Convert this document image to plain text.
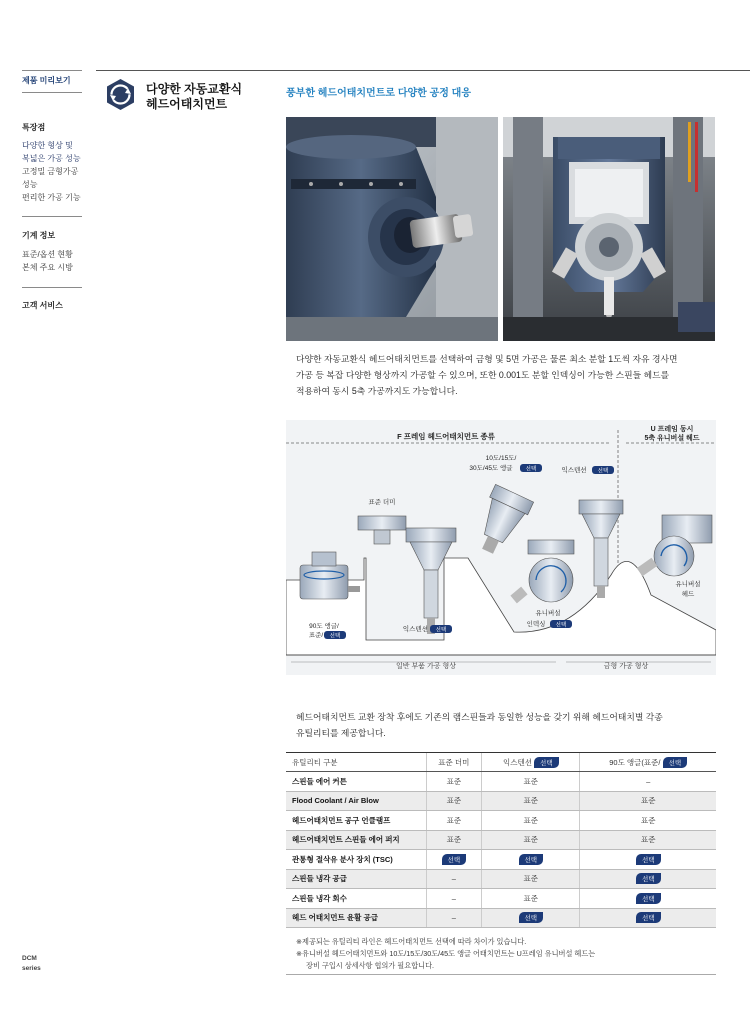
제품 미리보기
특장점
다양한 형상 및
복넓은 가공 성능
고정밀 금형가공
성능
편리한 가공 기능
기계 정보
표준/옵션 현황
본체 주요 시방
고객 서비스
DCM
series
다양한 자동교환식
헤드어태치먼트
풍부한 헤드어태치먼트로 다양한 공정 대응
다양한 자동교환식 헤드어태치먼트를 선택하여 금형 및 5면 가공은 물론 최소 분할 1도씩 자유 경사면
가공 등 복잡 다양한 형상까지 가공할 수 있으며, 또한 0.001도 분할 인덱싱이 가능한 스핀들 헤드를
적용하여 동시 5축 가공까지도 가능합니다.
F 프레임 헤드어태치먼트 종류
U 프레임 동시
5축 유니버설 헤드
일반 부품 가공 형상	금형 가공 형상
90도 앵글/
표준/ 선택
표준 더미
익스텐션 선택
10도/15도/
30도/45도 앵글 선택	익스텐션 선택
유니버설
인덱싱 선택
유니버설
헤드
헤드어태치먼트 교환 장착 후에도 기존의 램스핀들과 동일한 성능을 갖기 위해 헤드어태치별 각종
유틸리티를 제공합니다.
유틸리티 구분	표준 더미	익스텐션 선택	90도 앵글(표준/ 선택
스핀들 에어 커튼	표준	표준	–
Flood Coolant / Air Blow	표준	표준	표준
헤드어태치먼트 공구 언클램프	표준	표준	표준
헤드어태치먼트 스핀들 에어 퍼지	표준	표준	표준
관통형 절삭유 분사 장치 (TSC)	선택	선택	선택
스핀들 냉각 공급	–	표준	선택
스핀들 냉각 회수	–	표준	선택
헤드 어태치먼트 윤활 공급	–	선택	선택
※제공되는 유틸리티 라인은 헤드어태치먼트 선택에 따라 차이가 있습니다.
※유니버설 헤드어태치먼트와 10도/15도/30도/45도 앵글 어태치먼트는 U프레임 유니버설 헤드는
장비 구입시 상세사항 협의가 필요합니다.
